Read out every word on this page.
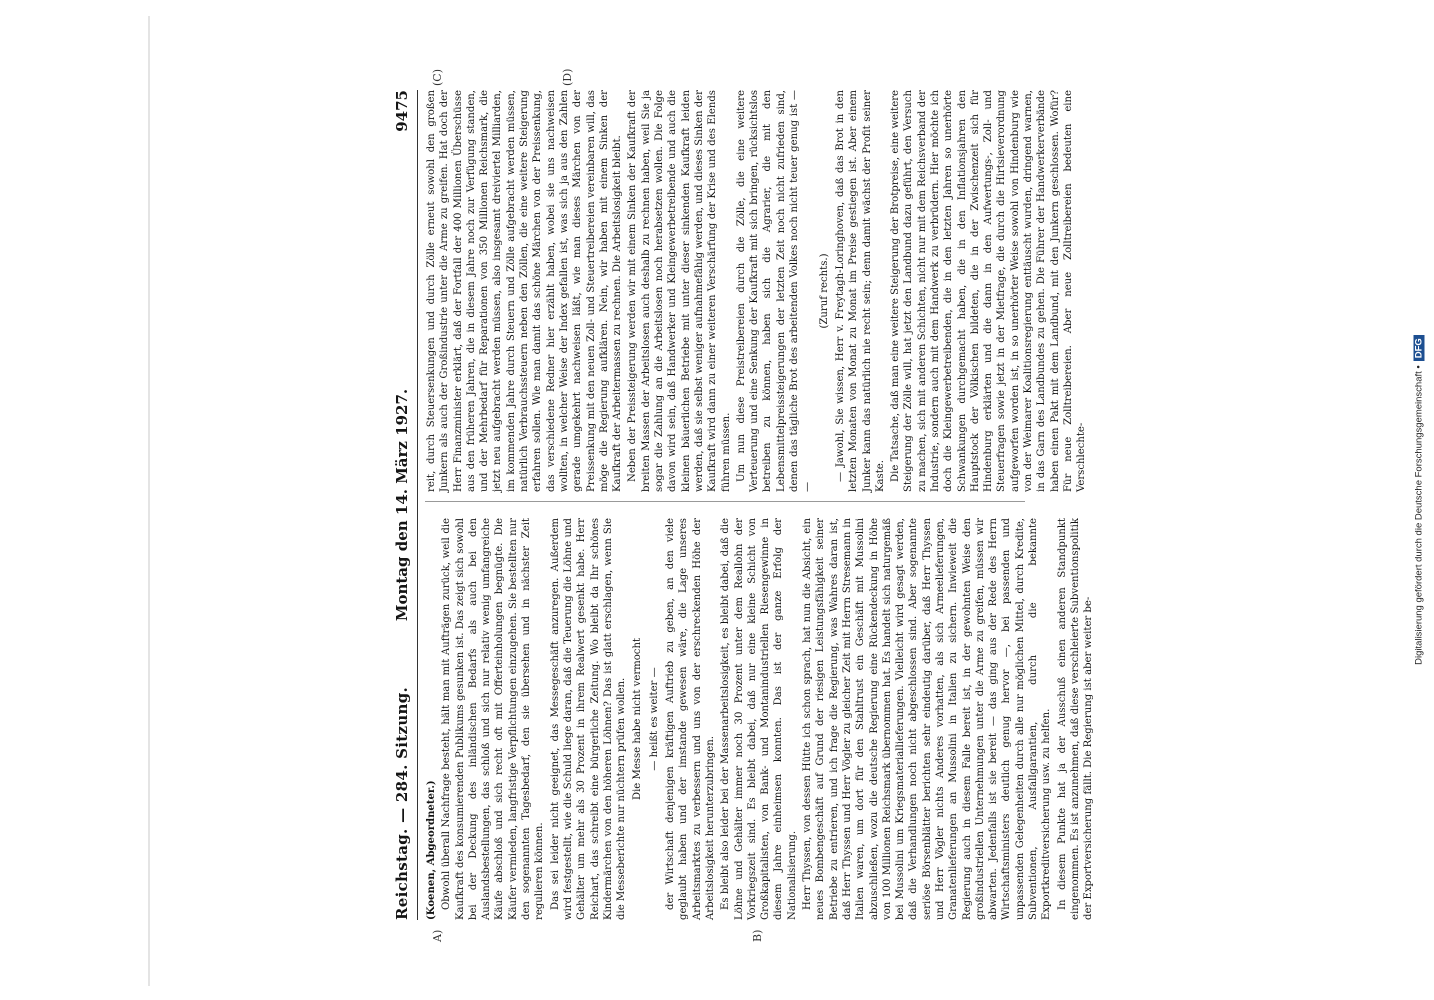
Reichstag. — 284. Sitzung.
Montag den 14. März 1927.
9475
A)	B)
(C)	(D)

(Koenen, Abgeordneter.) Obwohl überall Nachfrage besteht, hält man mit Aufträgen zurück, weil die Kaufkraft des konsumierenden Publikums gesunken ist. Das zeigt sich sowohl bei der Deckung des inländischen Bedarfs als auch bei den Auslandsbestellungen, das schloß und sich nur relativ wenig umfangreiche Käufe abschloß und sich recht oft mit Offerteinholungen begnügte. Die Käufer vermieden, langfristige Verpflichtungen einzugehen. Sie bestellten nur den sogenannten Tagesbedarf, den sie übersehen und in nächster Zeit regulieren können. Das sei leider nicht geeignet, das Messegeschäft anzuregen. Außerdem wird festgestellt, wie die Schuld liege daran, daß die Teuerung die Löhne und Gehälter um mehr als 30 Prozent in ihrem Realwert gesenkt habe. Herr Reichart, das schreibt eine bürgerliche Zeitung. Wo bleibt da Ihr schönes Kindermärchen von den höheren Löhnen? Das ist glatt erschlagen, wenn Sie die Messeberichte nur nüchtern prüfen wollen. Die Messe habe nicht vermocht — heißt es weiter — der Wirtschaft denjenigen kräftigen Auftrieb zu geben, an den viele geglaubt haben und der imstande gewesen wäre, die Lage unseres Arbeitsmarktes zu verbessern und uns von der erschreckenden Höhe der Arbeitslosigkeit herunterzubringen. Es bleibt also leider bei der Massenarbeitslosigkeit, es bleibt dabei, daß die Löhne und Gehälter immer noch 30 Prozent unter dem Reallohn der Vorkriegszeit sind. Es bleibt dabei, daß nur eine kleine Schicht von Großkapitalisten, von Bank- und Montanindustriellen Riesengewinne in diesem Jahre einheimsen konnten. Das ist der ganze Erfolg der Nationalisierung. Herr Thyssen, von dessen Hütte ich schon sprach, hat nun die Absicht, ein neues Bombengeschäft auf Grund der riesigen Leistungsfähigkeit seiner Betriebe zu entrieren, und ich frage die Regierung, was Wahres daran ist, daß Herr Thyssen und Herr Vögler zu gleicher Zeit mit Herrn Stresemann in Italien waren, um dort für den Stahltrust ein Geschäft mit Mussolini abzuschließen, wozu die deutsche Regierung eine Rückendeckung in Höhe von 100 Millionen Reichsmark übernommen hat. Es handelt sich naturgemäß bei Mussolini um Kriegsmateriallieferungen. Vielleicht wird gesagt werden, daß die Verhandlungen noch nicht abgeschlossen sind. Aber sogenannte seriöse Börsenblätter berichten sehr eindeutig darüber, daß Herr Thyssen und Herr Vögler nichts Anderes vorhatten, als sich Armeelieferungen, Granatenlieferungen an Mussolini in Italien zu sichern. Inwieweit die Regierung auch in diesem Falle bereit ist, in der gewohnten Weise den großindustriellen Unternehmungen unter die Arme zu greifen, müssen wir abwarten. Jedenfalls ist sie bereit — das ging aus der Rede des Herrn Wirtschaftsministers deutlich genug hervor —, bei passenden und unpassenden Gelegenheiten durch alle nur möglichen Mittel, durch Kredite, Subventionen, Ausfallgarantien, durch die bekannte Exportkreditversicherung usw. zu helfen. In diesem Punkte hat ja der Ausschuß einen anderen Standpunkt eingenommen. Es ist anzunehmen, daß diese verschleierte Subventionspolitik der Exportversicherung fällt. Die Regierung ist aber weiter be-

reit, durch Steuersenkungen und durch Zölle erneut sowohl den großen Junkern als auch der Großindustrie unter die Arme zu greifen. Hat doch der Herr Finanzminister erklärt, daß der Fortfall der 400 Millionen Überschüsse aus den früheren Jahren, die in diesem Jahre noch zur Verfügung standen, und der Mehrbedarf für Reparationen von 350 Millionen Reichsmark, die jetzt neu aufgebracht werden müssen, also insgesamt dreiviertel Milliarden, im kommenden Jahre durch Steuern und Zölle aufgebracht werden müssen, natürlich Verbrauchssteuern neben den Zöllen, die eine weitere Steigerung erfahren sollen. Wie man damit das schöne Märchen von der Preissenkung, das verschiedene Redner hier erzählt haben, wobei sie uns nachweisen wollten, in welcher Weise der Index gefallen ist, was sich ja aus den Zahlen gerade umgekehrt nachweisen läßt, wie man dieses Märchen von der Preissenkung mit den neuen Zoll- und Steuertreibereien vereinbaren will, das möge die Regierung aufklären. Nein, wir haben mit einem Sinken der Kaufkraft der Arbeitermassen zu rechnen. Die Arbeitslosigkeit bleibt. Neben der Preissteigerung werden wir mit einem Sinken der Kaufkraft der breiten Massen der Arbeitslosen auch deshalb zu rechnen haben, weil Sie ja sogar die Zahlung an die Arbeitslosen noch herabsetzen wollen. Die Folge davon wird sein, daß Handwerker und Kleingewerbetreibende und auch die kleinen bäuerlichen Betriebe mit unter dieser sinkenden Kaufkraft leiden werden, daß sie selbst weniger aufnahmefähig werden, und dieses Sinken der Kaufkraft wird dann zu einer weiteren Verschärfung der Krise und des Elends führen müssen. Um nun diese Preistreibereien durch die Zölle, die eine weitere Verteuerung und eine Senkung der Kaufkraft mit sich bringen, rücksichtslos betreiben zu können, haben sich die Agrarier, die mit den Lebensmittelpreissteigerungen der letzten Zeit noch nicht zufrieden sind, denen das tägliche Brot des arbeitenden Volkes noch nicht teuer genug ist — —

(Zuruf rechts.) — Jawohl, Sie wissen, Herr v. Freytagh-Loringhoven, daß das Brot in den letzten Monaten von Monat zu Monat im Preise gestiegen ist. Aber einem Junker kann das natürlich nie recht sein; denn damit wächst der Profit seiner Kaste. Die Tatsache, daß man eine weitere Steigerung der Brotpreise, eine weitere Steigerung der Zölle will, hat jetzt den Landbund dazu geführt, den Versuch zu machen, sich mit anderen Schichten, nicht nur mit dem Reichsverband der Industrie, sondern auch mit dem Handwerk zu verbrüdern. Hier möchte ich doch die Kleingewerbetreibenden, die in den letzten Jahren so unerhörte Schwankungen durchgemacht haben, die in den Inflationsjahren den Hauptstock der Völkischen bildeten, die in der Zwischenzeit sich für Hindenburg erklärten und die dann in den Aufwertungs-, Zoll- und Steuerfragen sowie jetzt in der Mietfrage, die durch die Hirtsieverordnung aufgeworfen worden ist, in so unerhörter Weise sowohl von Hindenburg wie von der Weimarer Koalitionsregierung enttäuscht wurden, dringend warnen, in das Garn des Landbundes zu gehen. Die Führer der Handwerkerverbände haben einen Pakt mit dem Landbund, mit den Junkern geschlossen. Wofür? Für neue Zolltreibereien. Aber neue Zolltreibereien bedeuten eine Verschlechte-	Digitalisierung gefördert durch die Deutsche Forschungsgemeinschaft •DFG
